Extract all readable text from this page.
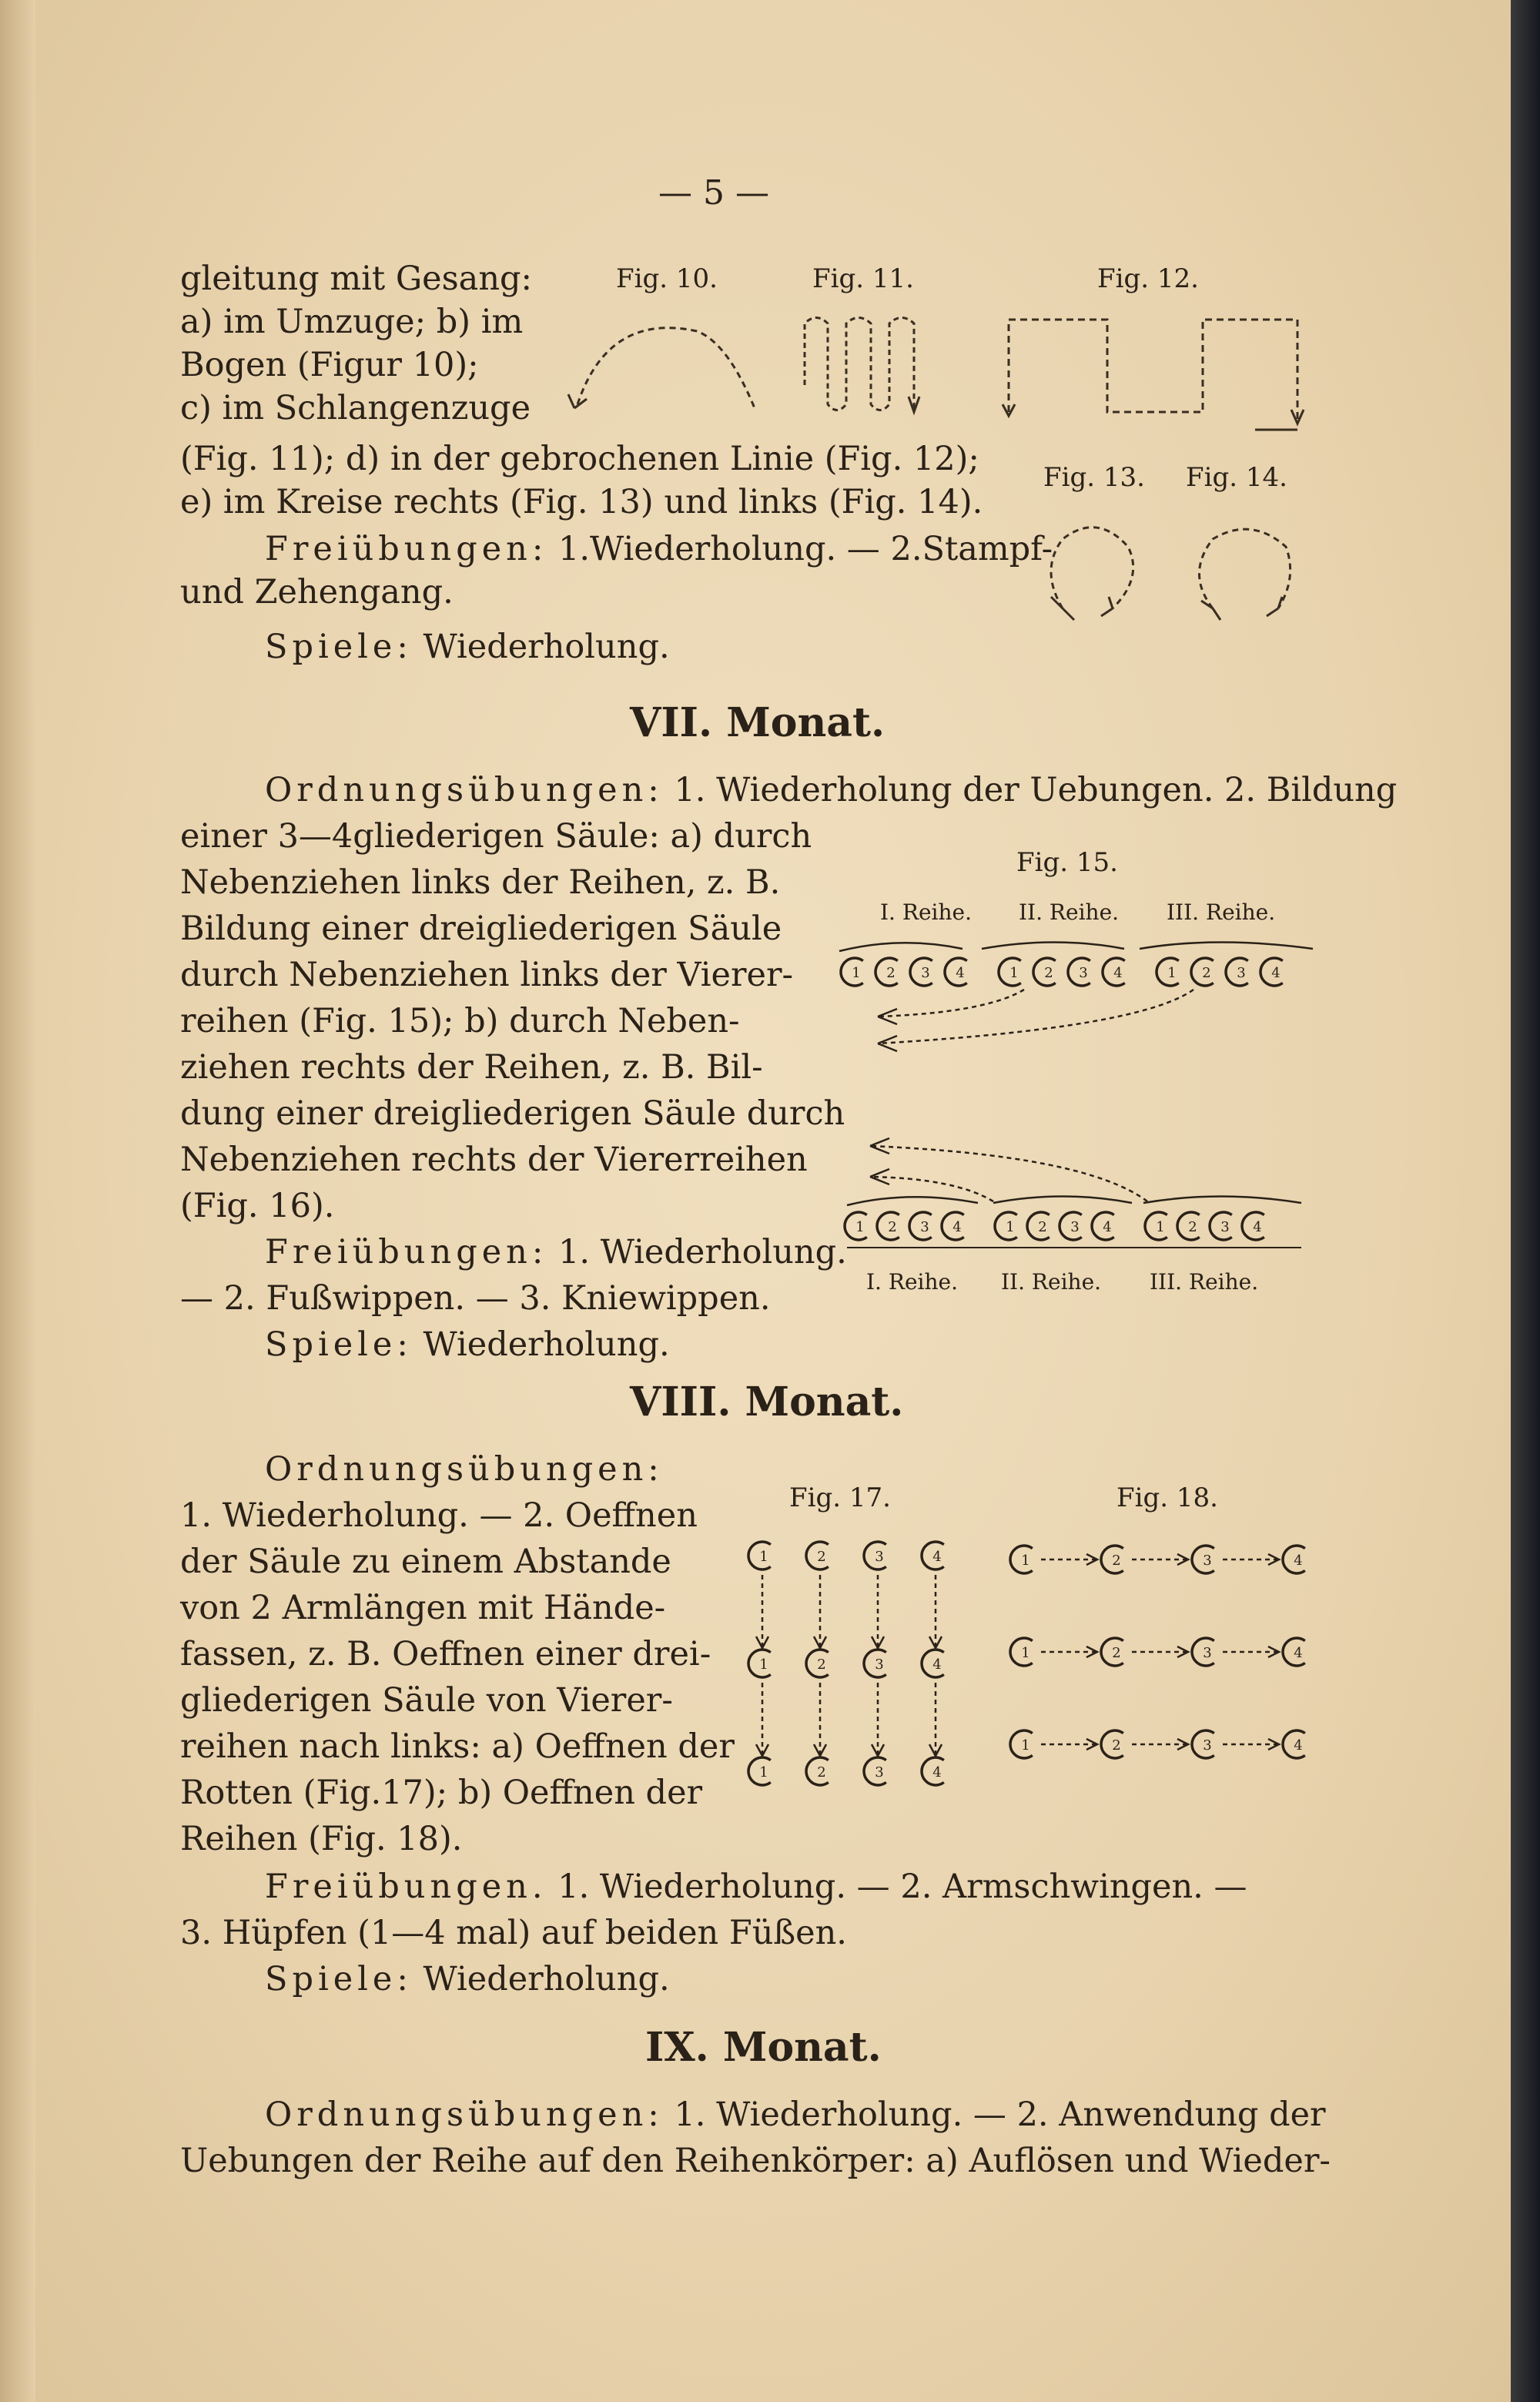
— 5 —
gleitung mit Gesang:
a) im Umzuge; b) im
Bogen (Figur 10);
c) im Schlangenzuge
(Fig. 11); d) in der gebrochenen Linie (Fig. 12);
e) im Kreise rechts (Fig. 13) und links (Fig. 14).
Freiübungen: 1.Wiederholung. — 2.Stampf-
und Zehengang.
Spiele: Wiederholung.
Fig. 10.	Fig. 11.	Fig. 12.
Fig. 13. Fig. 14.
VII. Monat.
Ordnungsübungen: 1. Wiederholung der Uebungen. 2. Bildung
einer 3—4gliederigen Säule: a) durch
Nebenziehen links der Reihen, z. B.
Bildung einer dreigliederigen Säule
durch Nebenziehen links der Vierer-
reihen (Fig. 15); b) durch Neben-
ziehen rechts der Reihen, z. B. Bil-
dung einer dreigliederigen Säule durch
Nebenziehen rechts der Viererreihen
(Fig. 16).
Freiübungen: 1. Wiederholung.
— 2. Fußwippen. — 3. Kniewippen.
Spiele: Wiederholung.
Fig. 15.
I. Reihe. II. Reihe. III. Reihe.
1 2 3 4	1 2 3 4	1 2 3 4
1 2 3 4	1 2 3 4	1 2 3 4
I. Reihe. II. Reihe. III. Reihe.
VIII. Monat.
Ordnungsübungen:
1. Wiederholung. — 2. Oeffnen
der Säule zu einem Abstande
von 2 Armlängen mit Hände-
fassen, z. B. Oeffnen einer drei-
gliederigen Säule von Vierer-
reihen nach links: a) Oeffnen der
Rotten (Fig.17); b) Oeffnen der
Reihen (Fig. 18).
Fig. 17.	Fig. 18.
1
1
1
2
2
2
3
3
3
4
4
4
1	2	3	4
1	2	3	4
1	2	3	4
Freiübungen. 1. Wiederholung. — 2. Armschwingen. —
3. Hüpfen (1—4 mal) auf beiden Füßen.
Spiele: Wiederholung.
IX. Monat.
Ordnungsübungen: 1. Wiederholung. — 2. Anwendung der
Uebungen der Reihe auf den Reihenkörper: a) Auflösen und Wieder-
